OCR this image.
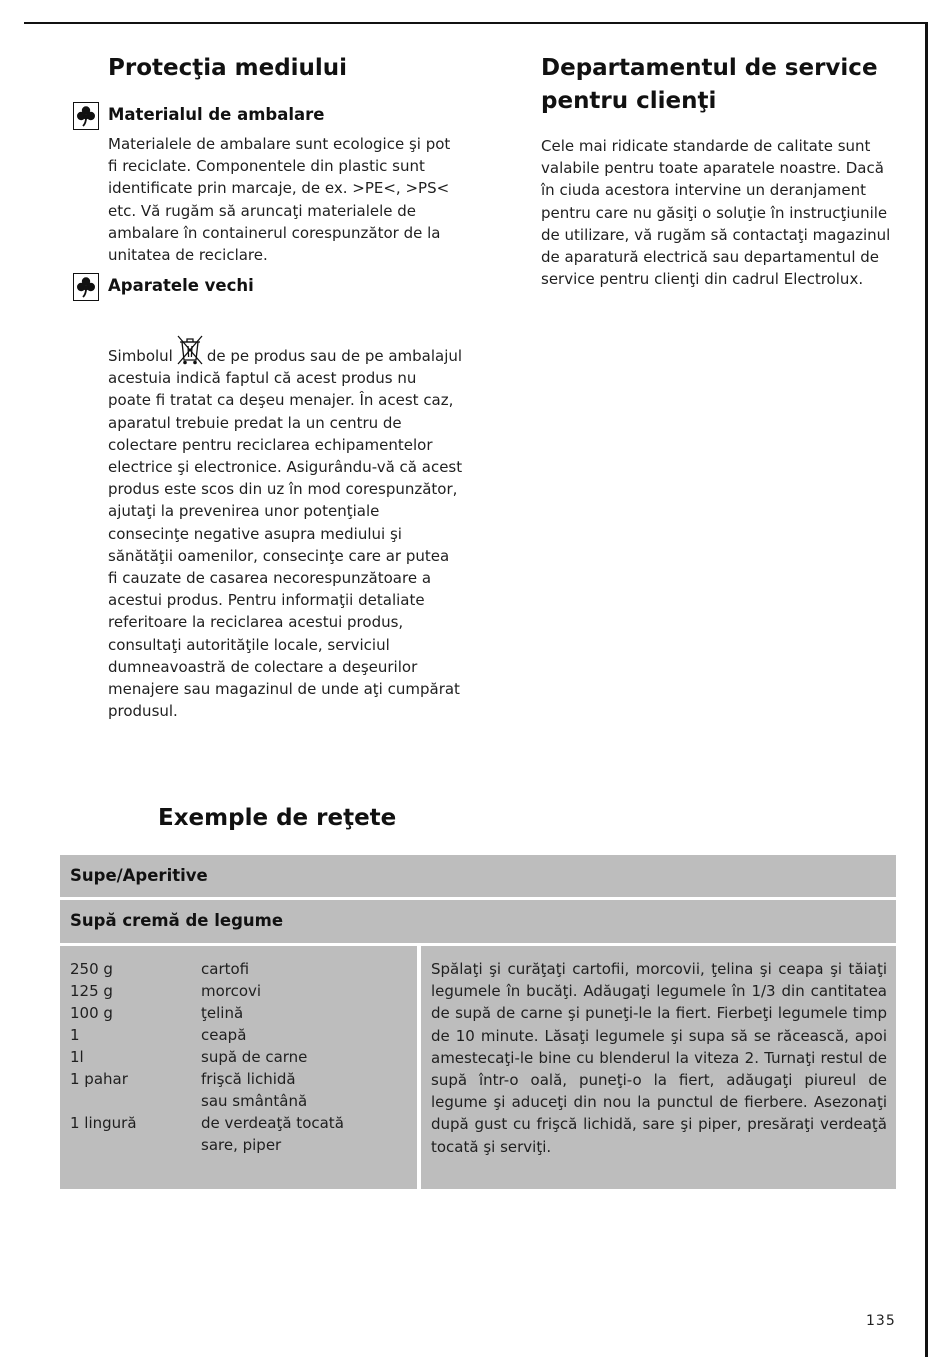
Protecţia mediului
Materialul de ambalare

Materialele de ambalare sunt ecologice şi pot fi reciclate. Componentele din plastic sunt identificate prin marcaje, de ex. >PE<, >PS< etc. Vă rugăm să aruncaţi materialele de ambalare în containerul corespunzător de la unitatea de reciclare.

Aparatele vechi

Simbolul de pe produs sau de pe ambalajul acestuia indică faptul că acest produs nu poate fi tratat ca deşeu menajer. În acest caz, aparatul trebuie predat la un centru de colectare pentru reciclarea echipamentelor electrice şi electronice. Asigurându-vă că acest produs este scos din uz în mod corespunzător, ajutaţi la prevenirea unor potenţiale consecinţe negative asupra mediului şi sănătăţii oamenilor, consecinţe care ar putea fi cauzate de casarea necorespunzătoare a acestui produs. Pentru informaţii detaliate referitoare la reciclarea acestui produs, consultaţi autorităţile locale, serviciul dumneavoastră de colectare a deşeurilor menajere sau magazinul de unde aţi cumpărat produsul.

Departamentul de service
pentru clienţi

Cele mai ridicate standarde de calitate sunt valabile pentru toate aparatele noastre. Dacă în ciuda acestora intervine un deranjament pentru care nu găsiţi o soluţie în instrucţiunile de utilizare, vă rugăm să contactaţi magazinul de aparatură electrică sau departamentul de service pentru clienţi din cadrul Electrolux.

Exemple de reţete
Supe/Aperitive
Supă cremă de legume
250 g	cartofi
125 g	morcovi
100 g	ţelină
1	ceapă
1l	supă de carne
1 pahar	frişcă lichidă
sau smântână
1 lingură	de verdeaţă tocată
sare, piper

Spălaţi şi curăţaţi cartofii, morcovii, ţelina şi ceapa şi tăiaţi legumele în bucăţi. Adăugaţi legumele în 1/3 din cantitatea de supă de carne şi puneţi-le la fiert. Fierbeţi legumele timp de 10 minute. Lăsaţi legumele şi supa să se răcească, apoi amestecaţi-le bine cu blenderul la viteza 2. Turnaţi restul de supă într-o oală, puneţi-o la fiert, adăugaţi piureul de legume şi aduceţi din nou la punctul de fierbere. Asezonaţi după gust cu frişcă lichidă, sare şi piper, presăraţi verdeaţă tocată şi serviţi.

135
